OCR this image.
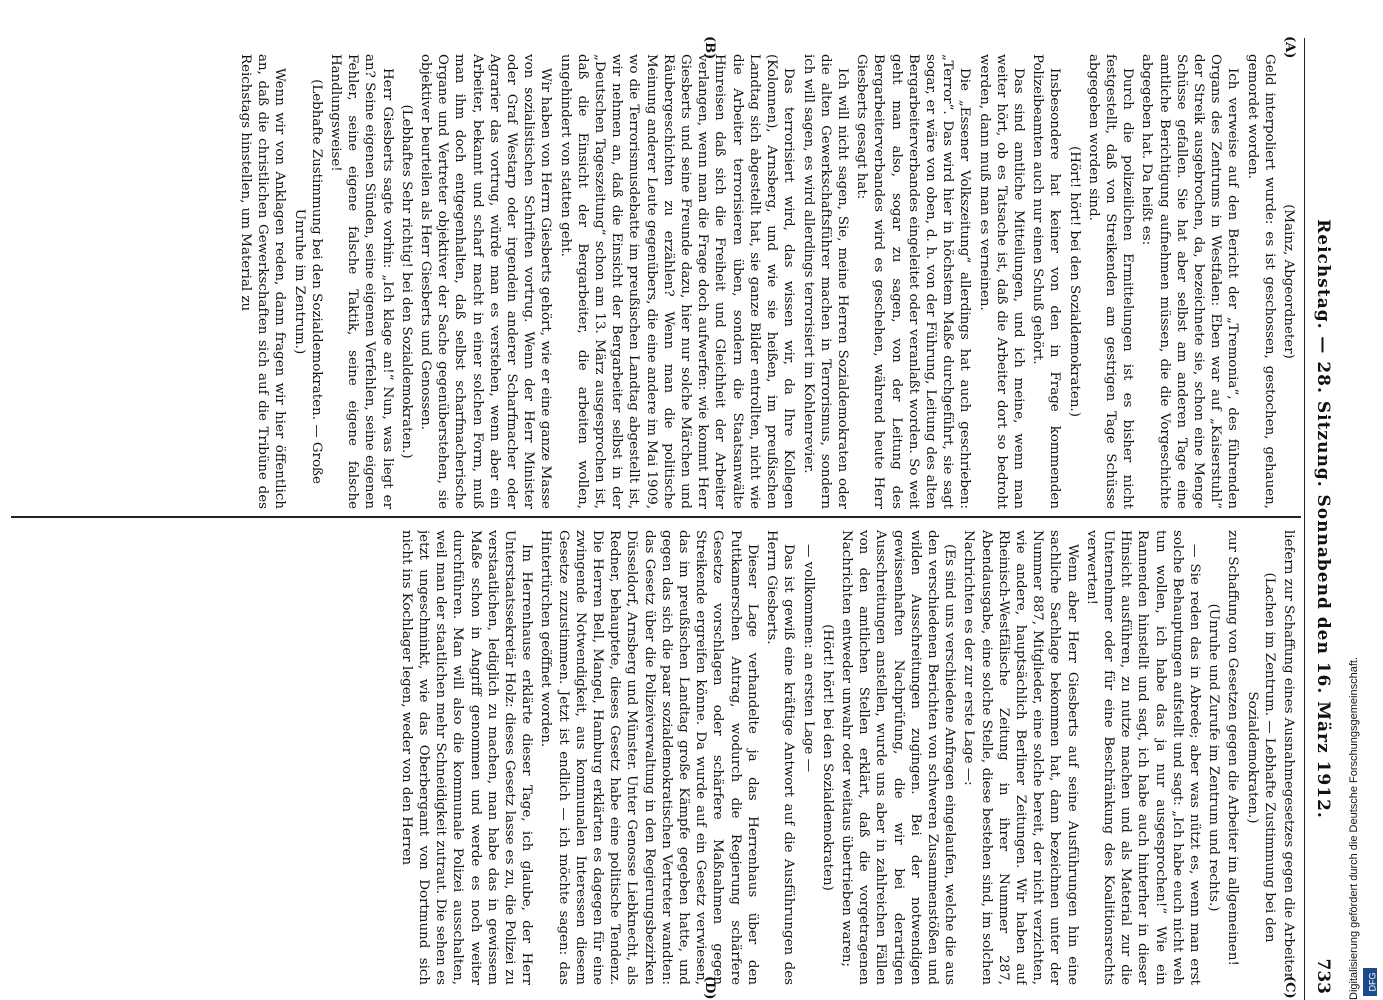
Reichstag. — 28. Sitzung. Sonnabend den 16. März 1912.
733
(A)
(B)
(C)
(D)

(Mainz, Abgeordneter)

Geld interpoliert wurde: es ist geschossen, gestochen, gehauen, gemordet worden.

Ich verweise auf den Bericht der „Tremonia“, des führenden Organs des Zentrums in Westfalen: Eben war auf „Kaiserstuhl“ der Streik ausgebrochen, da, bezeichnete sie, schon eine Menge Schüsse gefallen. Sie hat aber selbst am anderen Tage eine amtliche Berichtigung aufnehmen müssen, die die Vorgeschichte abgegeben hat. Da heißt es:

Durch die polizeilichen Ermittelungen ist es bisher nicht festgestellt, daß von Streikenden am gestrigen Tage Schüsse abgegeben worden sind.

(Hört! hört! bei den Sozialdemokraten.)

Insbesondere hat keiner von den in Frage kommenden Polizeibeamten auch nur einen Schuß gehört.

Das sind amtliche Mitteilungen, und ich meine, wenn man weiter hört, ob es Tatsache ist, daß die Arbeiter dort so bedroht werden, dann muß man es verneinen.

Die „Essener Volkszeitung“ allerdings hat auch geschrieben: „Terror“. Das wird hier in höchstem Maße durchgeführt, sie sagt sogar, er wäre von oben, d. h. von der Führung, Leitung des alten Bergarbeiterverbandes eingeleitet oder veranlaßt worden. So weit geht man also, sogar zu sagen, von der Leitung des Bergarbeiterverbandes wird es geschehen, während heute Herr Giesberts gesagt hat:

Ich will nicht sagen, Sie, meine Herren Sozialdemokraten oder die alten Gewerkschaftsführer machen in Terrorismus, sondern ich will sagen, es wird allerdings terrorisiert im Kohlenrevier.

Das terrorisiert wird, das wissen wir, da Ihre Kollegen (Kolonnen), Arnsberg, und wie sie heißen, im preußischen Landtag sich abgestellt hat, sie ganze Bilder entrollten, nicht wie die Arbeiter terrorisieren üben, sondern die Staatsanwälte Hinreisen daß sich die Freiheit und Gleichheit der Arbeiter verlangen, wenn man die Frage doch aufwerfen: wie kommt Herr Giesberts und seine Freunde dazu, hier nur solche Märchen und Räubergeschichten zu erzählen? Wenn man die politische Meinung anderer Leute gegenübers, die eine andere im Mai 1909, wo die Terrorismusdebatte im preußischen Landtag abgestellt ist, wir nehmen an, daß die Einsicht der Bergarbeiter selbst in der „Deutschen Tageszeitung“ schon am 13. März ausgesprochen ist, daß die Einsicht der Bergarbeiter, die arbeiten wollen, ungehindert von statten geht.

Wir haben von Herrn Giesberts gehört, wie er eine ganze Masse von sozialistischen Schriften vortrug. Wenn der Herr Minister oder Graf Westarp oder irgendein anderer Scharfmacher oder Agrarier das vortrug, würde man es verstehen, wenn aber ein Arbeiter, bekannt und scharf macht in einer solchen Form, muß man ihm doch entgegenhalten, daß selbst scharfmacherische Organe und Vertreter objektiver der Sache gegenüberstehen, sie objektiver beurteilen als Herr Giesberts und Genossen.

(Lebhaftes Sehr richtig! bei den Sozialdemokraten.)

Herr Giesberts sagte vorhin: „Ich klage an!“ Nun, was liegt er an? Seine eigenen Sünden, seine eigenen Verfehlen, seine eigenen Fehler, seine eigene falsche Taktik, seine eigene falsche Handlungsweise!

(Lebhafte Zustimmung bei den Sozialdemokraten. — Große Unruhe im Zentrum.)

Wenn wir von Anklagen reden, dann fragen wir hier öffentlich an, daß die christlichen Gewerkschaften sich auf die Tribüne des Reichstags hinstellen, um Material zu

liefern zur Schaffung eines Ausnahmegesetzes gegen die Arbeiter.

(Lachen im Zentrum. — Lebhafte Zustimmung bei den Sozialdemokraten.)

zur Schaffung von Gesetzen gegen die Arbeiter im allgemeinen!

(Unruhe und Zurufe im Zentrum und rechts.)

— Sie reden das in Abrede; aber was nützt es, wenn man erst solche Behauptungen aufstellt und sagt: „Ich habe euch nicht weh tun wollen, ich habe das ja nur ausgesprochen!“ Wie ein Rannenden hinstellt und sagt, ich habe auch hinterher in dieser Hinsicht ausführen, zu nutze machen und als Material zur die Unternehmer oder für eine Beschränkung des Koalitionsrechts verwerten!

Wenn aber Herr Giesberts auf seine Ausführungen hin eine sachliche Sachlage bekommen hat, dann bezeichnen unter der Nummer 887, Mitglieder, eine solche bereit, der nicht verzichten, wie andere, hauptsächlich Berliner Zeitungen. Wir haben auf Rheinisch-Westfälische Zeitung in ihrer Nummer 287, Abendausgabe, eine solche Stelle, diese bestehen sind, im solchen Nachrichten es der zur erste Lage —:

(Es sind uns verschiedene Anfragen eingelaufen, welche die aus den verschiedenen Berichten von schweren Zusammenstößen und wilden Ausschreitungen zugingen. Bei der notwendigen gewissenhaften Nachprüfung, die wir bei derartigen Ausschreitungen anstellen, wurde uns aber in zahlreichen Fällen von den amtlichen Stellen erklärt, daß die vorgetragenen Nachrichten entweder unwahr oder weitaus übertrieben waren;

(Hört! hört! bei den Sozialdemokraten)

— vollkommen: an ersten Lage —

Das ist gewiß eine kräftige Antwort auf die Ausführungen des Herrn Giesberts.

Dieser Lage verhandelte ja das Herrenhaus über den Puttkamerschen Antrag, wodurch die Regierung schärfere Gesetze vorschlagen oder schärfere Maßnahmen gegen Streikende ergreifen könne. Da wurde auf ein Gesetz verwiesen, das im preußischen Landtag große Kämpfe gegeben hatte, und gegen das sich die paar sozialdemokratischen Vertreter wandten: das Gesetz über die Polizeiverwaltung in den Regierungsbezirken Düsseldorf, Arnsberg und Münster. Unter Genosse Liebknecht, als Redner, behauptete, dieses Gesetz habe eine politische Tendenz. Die Herren Bell, Mangel, Hamburg erklärten es dagegen für eine zwingende Notwendigkeit, aus kommunalen Interessen diesem Gesetze zuzustimmen. Jetzt ist endlich — ich möchte sagen: das Hintertürchen geöffnet worden.

Im Herrenhause erklärte dieser Tage, ich glaube, der Herr Unterstaatssekretär Holz: dieses Gesetz lasse es zu, die Polizei zu verstaatlichen, lediglich zu machen, man habe das in gewissem Maße schon in Angriff genommen und werde es noch weiter durchführen. Man will also die kommunale Polizei ausschalten, weil man der staatlichen mehr Schneidigkeit zutraut. Die sehen es jetzt ungeschminkt, wie das Oberbergamt von Dortmund sich nicht ins Kochlager legen, weder von den Herren	Digitalisierung gefördert durch die Deutsche Forschungsgemeinschaft. DFG
